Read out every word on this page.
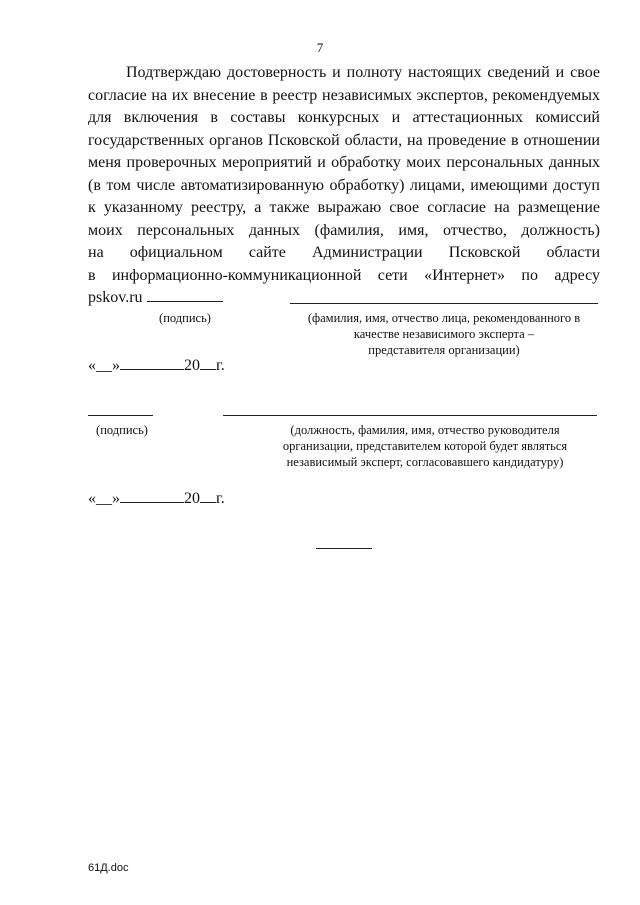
7
Подтверждаю достоверность и полноту настоящих сведений и свое
согласие на их внесение в реестр независимых экспертов, рекомендуемых
для включения в составы конкурсных и аттестационных комиссий
государственных органов Псковской области, на проведение в отношении
меня проверочных мероприятий и обработку моих персональных данных
(в том числе автоматизированную обработку) лицами, имеющими доступ
к указанному реестру, а также выражаю свое согласие на размещение
моих персональных данных (фамилия, имя, отчество, должность)
на официальном сайте Администрации Псковской области
в информационно-коммуникационной сети «Интернет» по адресу
pskov.ru
(подпись)	(фамилия, имя, отчество лица, рекомендованного в
качестве независимого эксперта –
представителя организации)
«__»	20 г.
(подпись)	(должность, фамилия, имя, отчество руководителя
организации, представителем которой будет являться
независимый эксперт, согласовавшего кандидатуру)
«__»	20 г.
61Д.doc
